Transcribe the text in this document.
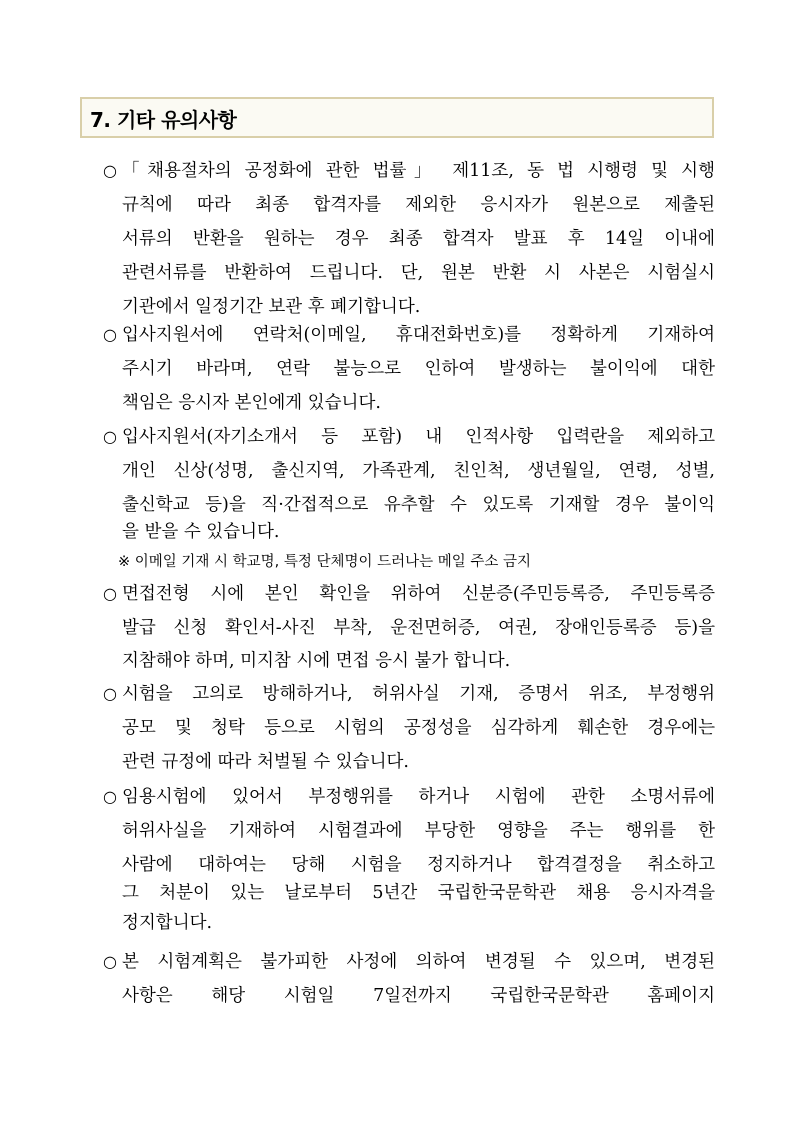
7. 기타 유의사항
○ 「채용절차의 공정화에 관한 법률」 제11조, 동 법 시행령 및 시행
규칙에 따라 최종 합격자를 제외한 응시자가 원본으로 제출된
서류의 반환을 원하는 경우 최종 합격자 발표 후 14일 이내에
관련서류를 반환하여 드립니다. 단, 원본 반환 시 사본은 시험실시
기관에서 일정기간 보관 후 폐기합니다.
○ 입사지원서에 연락처(이메일, 휴대전화번호)를 정확하게 기재하여
주시기 바라며, 연락 불능으로 인하여 발생하는 불이익에 대한
책임은 응시자 본인에게 있습니다.
○ 입사지원서(자기소개서 등 포함) 내 인적사항 입력란을 제외하고
개인 신상(성명, 출신지역, 가족관계, 친인척, 생년월일, 연령, 성별,
출신학교 등)을 직·간접적으로 유추할 수 있도록 기재할 경우 불이익
을 받을 수 있습니다.
※ 이메일 기재 시 학교명, 특정 단체명이 드러나는 메일 주소 금지
○ 면접전형 시에 본인 확인을 위하여 신분증(주민등록증, 주민등록증
발급 신청 확인서-사진 부착, 운전면허증, 여권, 장애인등록증 등)을
지참해야 하며, 미지참 시에 면접 응시 불가 합니다.
○ 시험을 고의로 방해하거나, 허위사실 기재, 증명서 위조, 부정행위
공모 및 청탁 등으로 시험의 공정성을 심각하게 훼손한 경우에는
관련 규정에 따라 처벌될 수 있습니다.
○ 임용시험에 있어서 부정행위를 하거나 시험에 관한 소명서류에
허위사실을 기재하여 시험결과에 부당한 영향을 주는 행위를 한
사람에 대하여는 당해 시험을 정지하거나 합격결정을 취소하고
그 처분이 있는 날로부터 5년간 국립한국문학관 채용 응시자격을
정지합니다.
○ 본 시험계획은 불가피한 사정에 의하여 변경될 수 있으며, 변경된
사항은 해당 시험일 7일전까지 국립한국문학관 홈페이지
